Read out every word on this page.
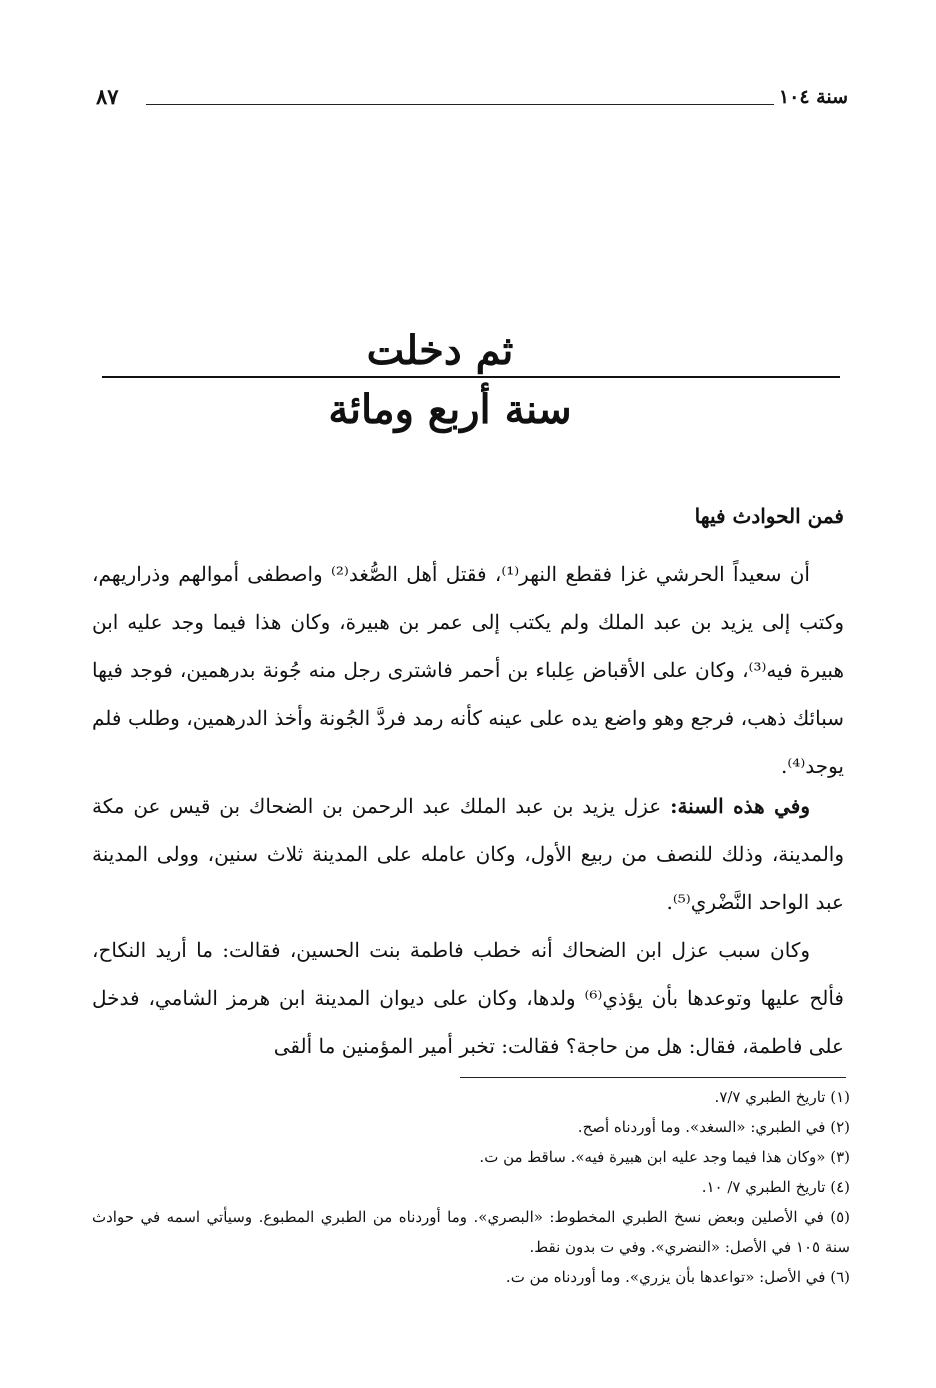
سنة ١٠٤
٨٧
ثم دخلت
سنة أربع ومائة
فمن الحوادث فيها

أن سعيداً الحرشي غزا فقطع النهر⁽¹⁾، فقتل أهل الصُّغد⁽²⁾ واصطفى أموالهم وذراريهم، وكتب إلى يزيد بن عبد الملك ولم يكتب إلى عمر بن هبيرة، وكان هذا فيما وجد عليه ابن هبيرة فيه⁽³⁾، وكان على الأقباض عِلباء بن أحمر فاشترى رجل منه جُونة بدرهمين، فوجد فيها سبائك ذهب، فرجع وهو واضع يده على عينه كأنه رمد فردَّ الجُونة وأخذ الدرهمين، وطلب فلم يوجد⁽⁴⁾.

وفي هذه السنة: عزل يزيد بن عبد الملك عبد الرحمن بن الضحاك بن قيس عن مكة والمدينة، وذلك للنصف من ربيع الأول، وكان عامله على المدينة ثلاث سنين، وولى المدينة عبد الواحد النَّضْري⁽⁵⁾.

وكان سبب عزل ابن الضحاك أنه خطب فاطمة بنت الحسين، فقالت: ما أريد النكاح، فألح عليها وتوعدها بأن يؤذي⁽⁶⁾ ولدها، وكان على ديوان المدينة ابن هرمز الشامي، فدخل على فاطمة، فقال: هل من حاجة؟ فقالت: تخبر أمير المؤمنين ما ألقى

(١) تاريخ الطبري ٧/٧.

(٢) في الطبري: «السغد». وما أوردناه أصح.

(٣) «وكان هذا فيما وجد عليه ابن هبيرة فيه». ساقط من ت.

(٤) تاريخ الطبري ٧/ ١٠.

(٥) في الأصلين وبعض نسخ الطبري المخطوط: «البصري». وما أوردناه من الطبري المطبوع. وسيأتي اسمه في حوادث سنة ١٠٥ في الأصل: «النضري». وفي ت بدون نقط.

(٦) في الأصل: «تواعدها بأن يزري». وما أوردناه من ت.
